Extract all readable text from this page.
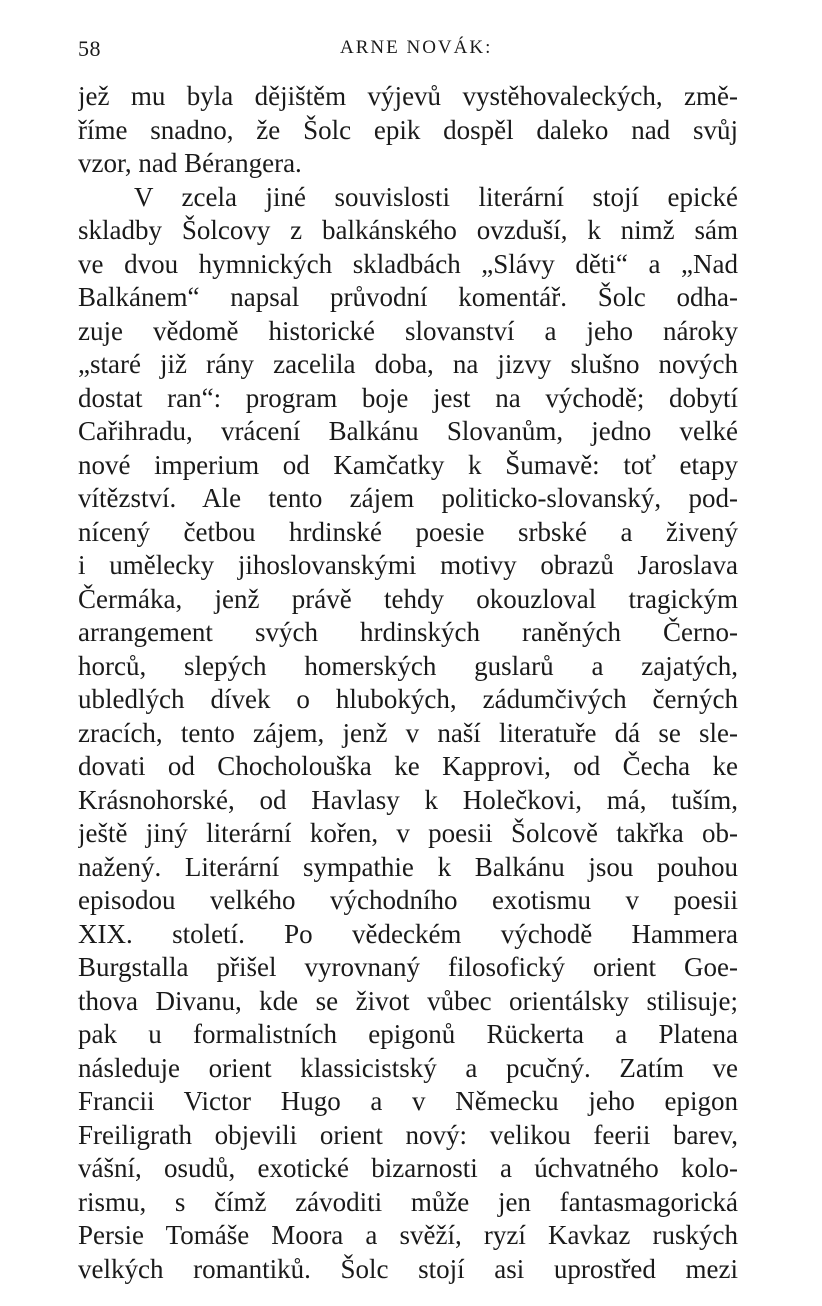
58	ARNE NOVÁK:
jež mu byla dějištěm výjevů vystěhovaleckých, změ-
říme snadno, že Šolc epik dospěl daleko nad svůj
vzor, nad Bérangera.
V zcela jiné souvislosti literární stojí epické
skladby Šolcovy z balkánského ovzduší, k nimž sám
ve dvou hymnických skladbách „Slávy děti“ a „Nad
Balkánem“ napsal průvodní komentář. Šolc odha-
zuje vědomě historické slovanství a jeho nároky
„staré již rány zacelila doba, na jizvy slušno nových
dostat ran“: program boje jest na východě; dobytí
Cařihradu, vrácení Balkánu Slovanům, jedno velké
nové imperium od Kamčatky k Šumavě: toť etapy
vítězství. Ale tento zájem politicko-slovanský, pod-
nícený četbou hrdinské poesie srbské a živený
i umělecky jihoslovanskými motivy obrazů Jaroslava
Čermáka, jenž právě tehdy okouzloval tragickým
arrangement svých hrdinských raněných Černo-
horců, slepých homerských guslarů a zajatých,
ubledlých dívek o hlubokých, zádumčivých černých
zracích, tento zájem, jenž v naší literatuře dá se sle-
dovati od Chocholouška ke Kapprovi, od Čecha ke
Krásnohorské, od Havlasy k Holečkovi, má, tuším,
ještě jiný literární kořen, v poesii Šolcově takřka ob-
nažený. Literární sympathie k Balkánu jsou pouhou
episodou velkého východního exotismu v poesii
XIX. století. Po vědeckém východě Hammera
Burgstalla přišel vyrovnaný filosofický orient Goe-
thova Divanu, kde se život vůbec orientálsky stilisuje;
pak u formalistních epigonů Rückerta a Platena
následuje orient klassicistský a pcučný. Zatím ve
Francii Victor Hugo a v Německu jeho epigon
Freiligrath objevili orient nový: velikou feerii barev,
vášní, osudů, exotické bizarnosti a úchvatného kolo-
rismu, s čímž závoditi může jen fantasmagorická
Persie Tomáše Moora a svěží, ryzí Kavkaz ruských
velkých romantiků. Šolc stojí asi uprostřed mezi
